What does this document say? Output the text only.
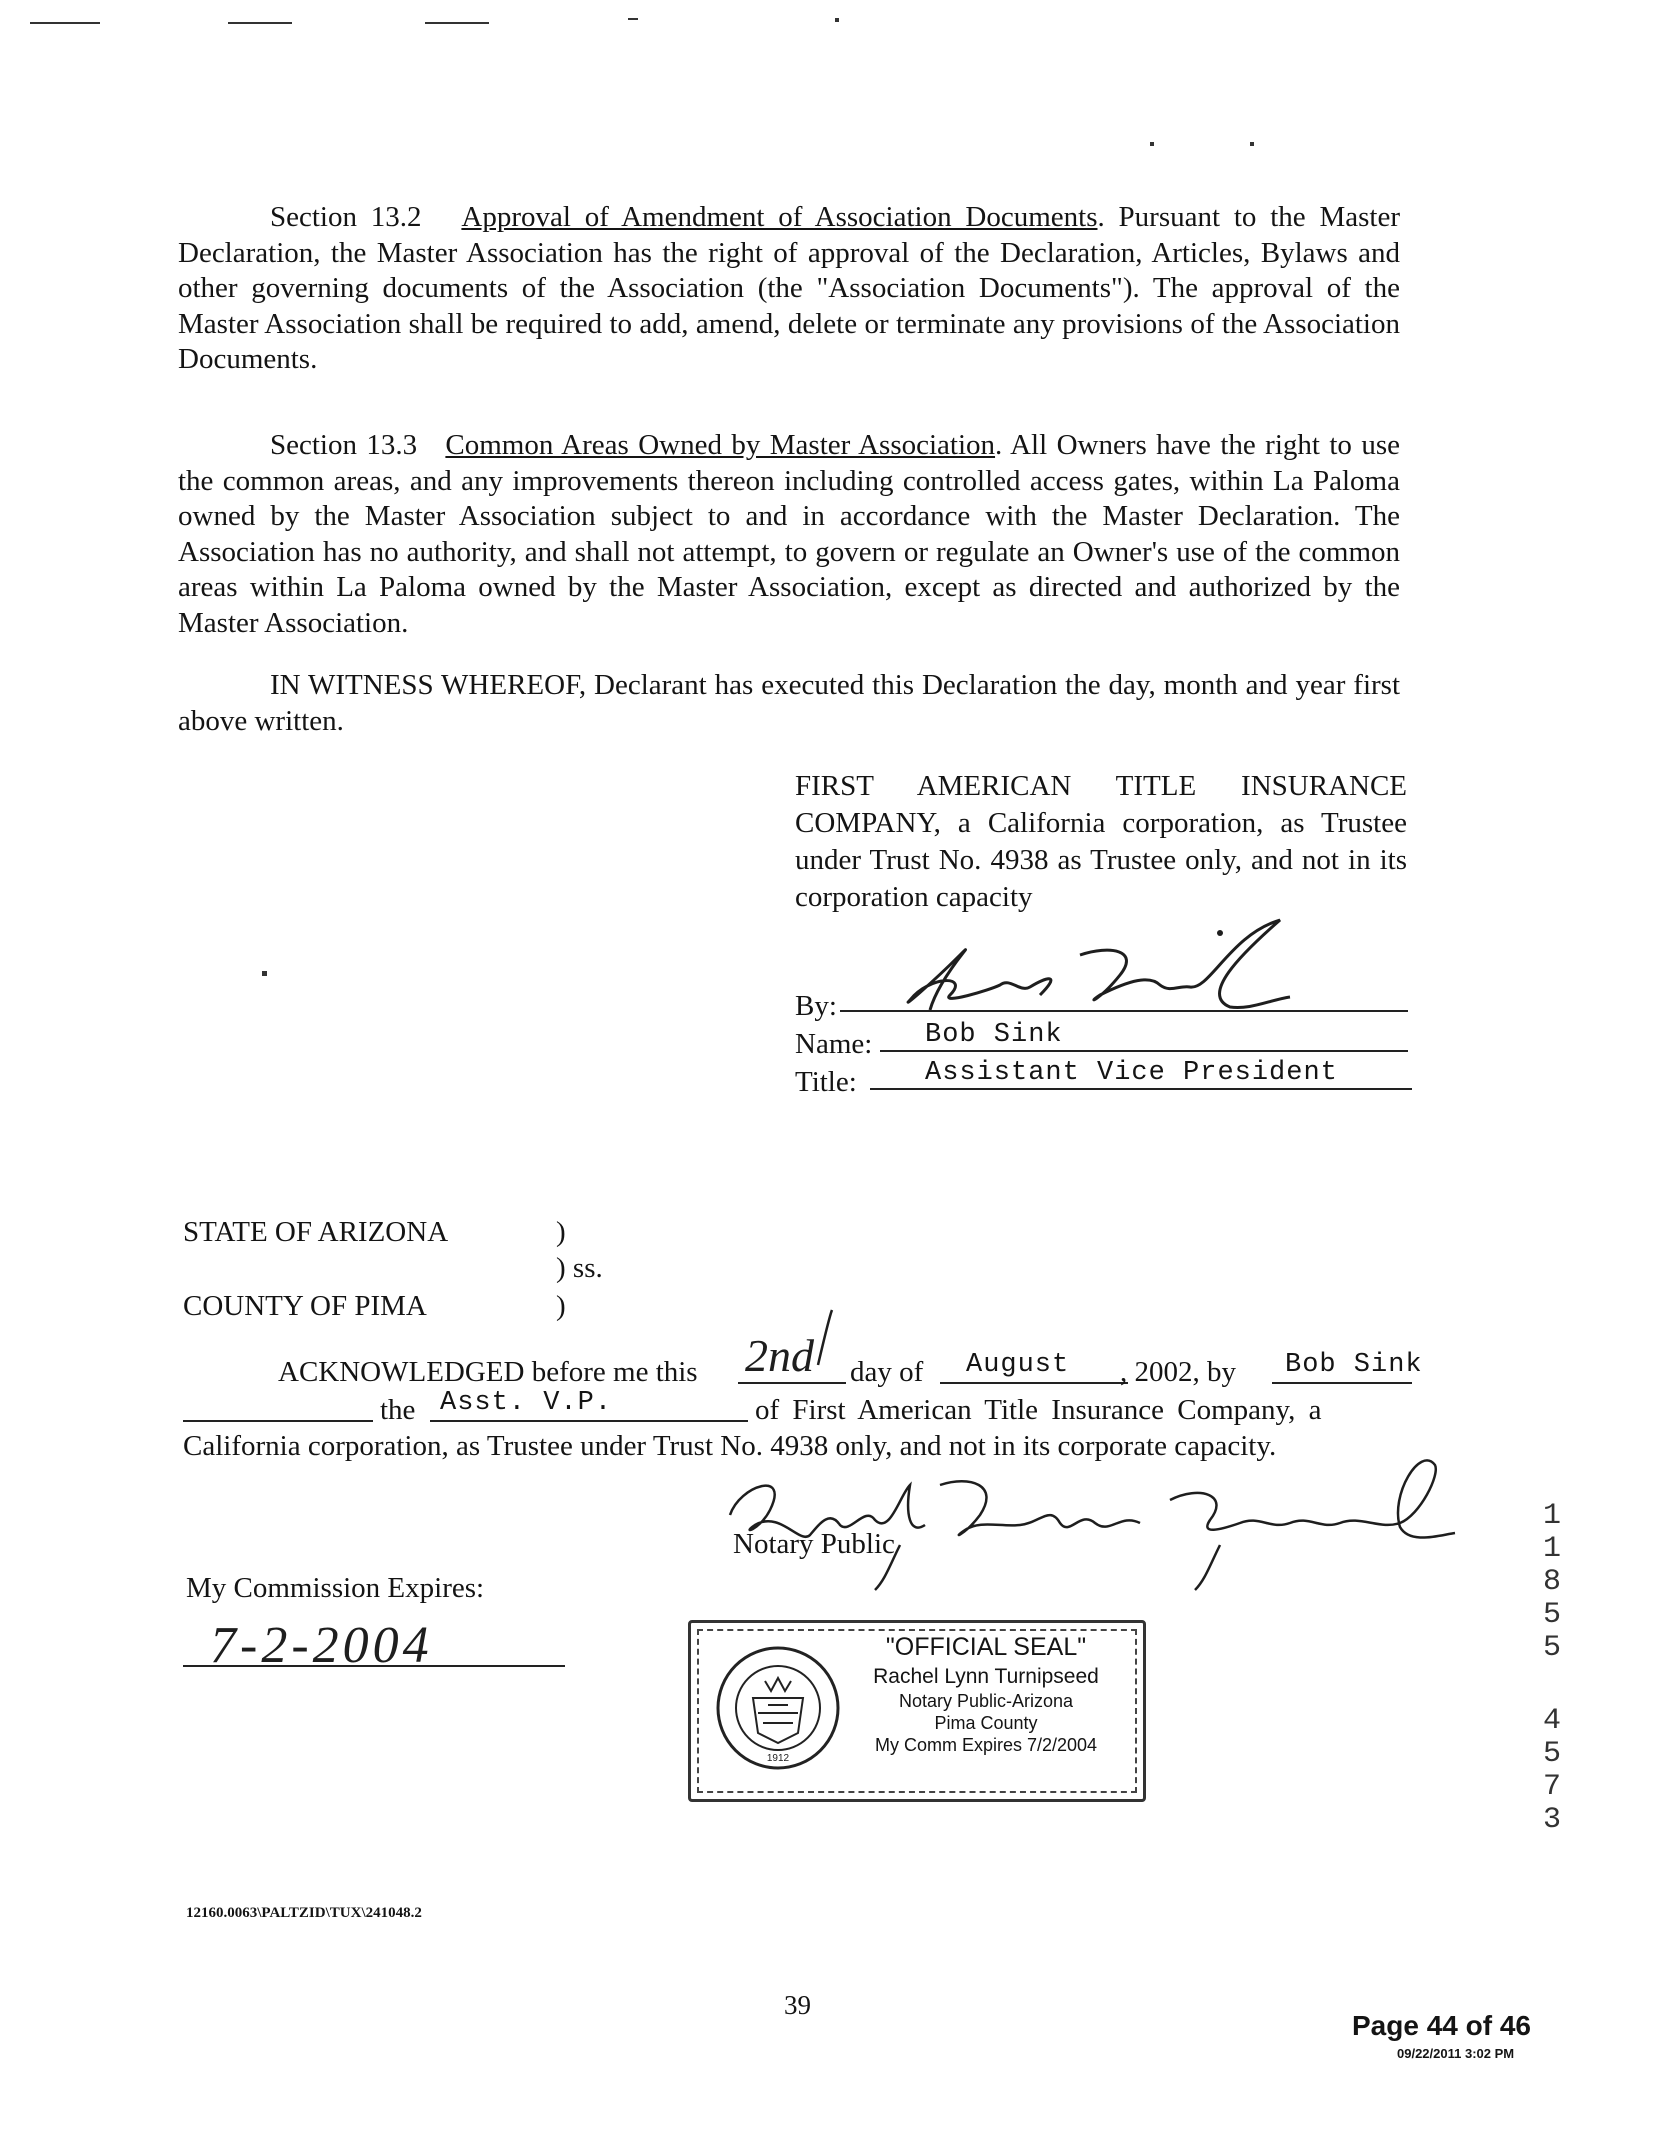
Section 13.2 Approval of Amendment of Association Documents. Pursuant to the Master Declaration, the Master Association has the right of approval of the Declaration, Articles, Bylaws and other governing documents of the Association (the "Association Documents"). The approval of the Master Association shall be required to add, amend, delete or terminate any provisions of the Association Documents.
Section 13.3 Common Areas Owned by Master Association. All Owners have the right to use the common areas, and any improvements thereon including controlled access gates, within La Paloma owned by the Master Association subject to and in accordance with the Master Declaration. The Association has no authority, and shall not attempt, to govern or regulate an Owner's use of the common areas within La Paloma owned by the Master Association, except as directed and authorized by the Master Association.
IN WITNESS WHEREOF, Declarant has executed this Declaration the day, month and year first above written.
FIRST AMERICAN TITLE INSURANCE COMPANY, a California corporation, as Trustee under Trust No. 4938 as Trustee only, and not in its corporation capacity
By:
Name: Bob Sink
Title:	Assistant Vice President
STATE OF ARIZONA	)
) ss.
COUNTY OF PIMA	)
ACKNOWLEDGED before me this 2nd day of August , 2002, by Bob Sink
the Asst. V.P.	of First American Title Insurance Company, a
California corporation, as Trustee under Trust No. 4938 only, and not in its corporate capacity.
Notary Public
My Commission Expires:
7-2-2004
1912
"OFFICIAL SEAL"
Rachel Lynn Turnipseed
Notary Public-Arizona
Pima County
My Comm Expires 7/2/2004
1
1
8
5
5
4
5
7
3
12160.0063\PALTZID\TUX\241048.2
39
Page 44 of 46
09/22/2011 3:02 PM
